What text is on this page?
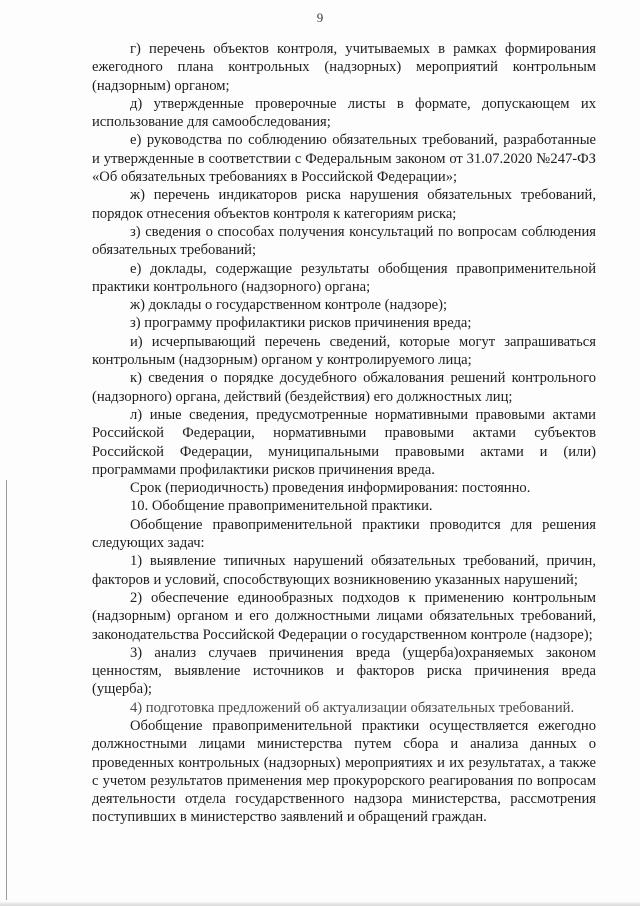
9

г) перечень объектов контроля, учитываемых в рамках формирования ежегодного плана контрольных (надзорных) мероприятий контрольным (надзорным) органом;

д) утвержденные проверочные листы в формате, допускающем их использование для самообследования;

е) руководства по соблюдению обязательных требований, разработанные и утвержденные в соответствии с Федеральным законом от 31.07.2020 №247-ФЗ «Об обязательных требованиях в Российской Федерации»;

ж) перечень индикаторов риска нарушения обязательных требований, порядок отнесения объектов контроля к категориям риска;

з) сведения о способах получения консультаций по вопросам соблюдения обязательных требований;

е) доклады, содержащие результаты обобщения правоприменительной практики контрольного (надзорного) органа;

ж) доклады о государственном контроле (надзоре);

з) программу профилактики рисков причинения вреда;

и) исчерпывающий перечень сведений, которые могут запрашиваться контрольным (надзорным) органом у контролируемого лица;

к) сведения о порядке досудебного обжалования решений контрольного (надзорного) органа, действий (бездействия) его должностных лиц;

л) иные сведения, предусмотренные нормативными правовыми актами Российской Федерации, нормативными правовыми актами субъектов Российской Федерации, муниципальными правовыми актами и (или) программами профилактики рисков причинения вреда.

Срок (периодичность) проведения информирования: постоянно.

10. Обобщение правоприменительной практики.

Обобщение правоприменительной практики проводится для решения следующих задач:

1) выявление типичных нарушений обязательных требований, причин, факторов и условий, способствующих возникновению указанных нарушений;

2) обеспечение единообразных подходов к применению контрольным (надзорным) органом и его должностными лицами обязательных требований, законодательства Российской Федерации о государственном контроле (надзоре);

3) анализ случаев причинения вреда (ущерба)охраняемых законом ценностям, выявление источников и факторов риска причинения вреда (ущерба);

4) подготовка предложений об актуализации обязательных требований.

Обобщение правоприменительной практики осуществляется ежегодно должностными лицами министерства путем сбора и анализа данных о проведенных контрольных (надзорных) мероприятиях и их результатах, а также с учетом результатов применения мер прокурорского реагирования по вопросам деятельности отдела государственного надзора министерства, рассмотрения поступивших в министерство заявлений и обращений граждан.
